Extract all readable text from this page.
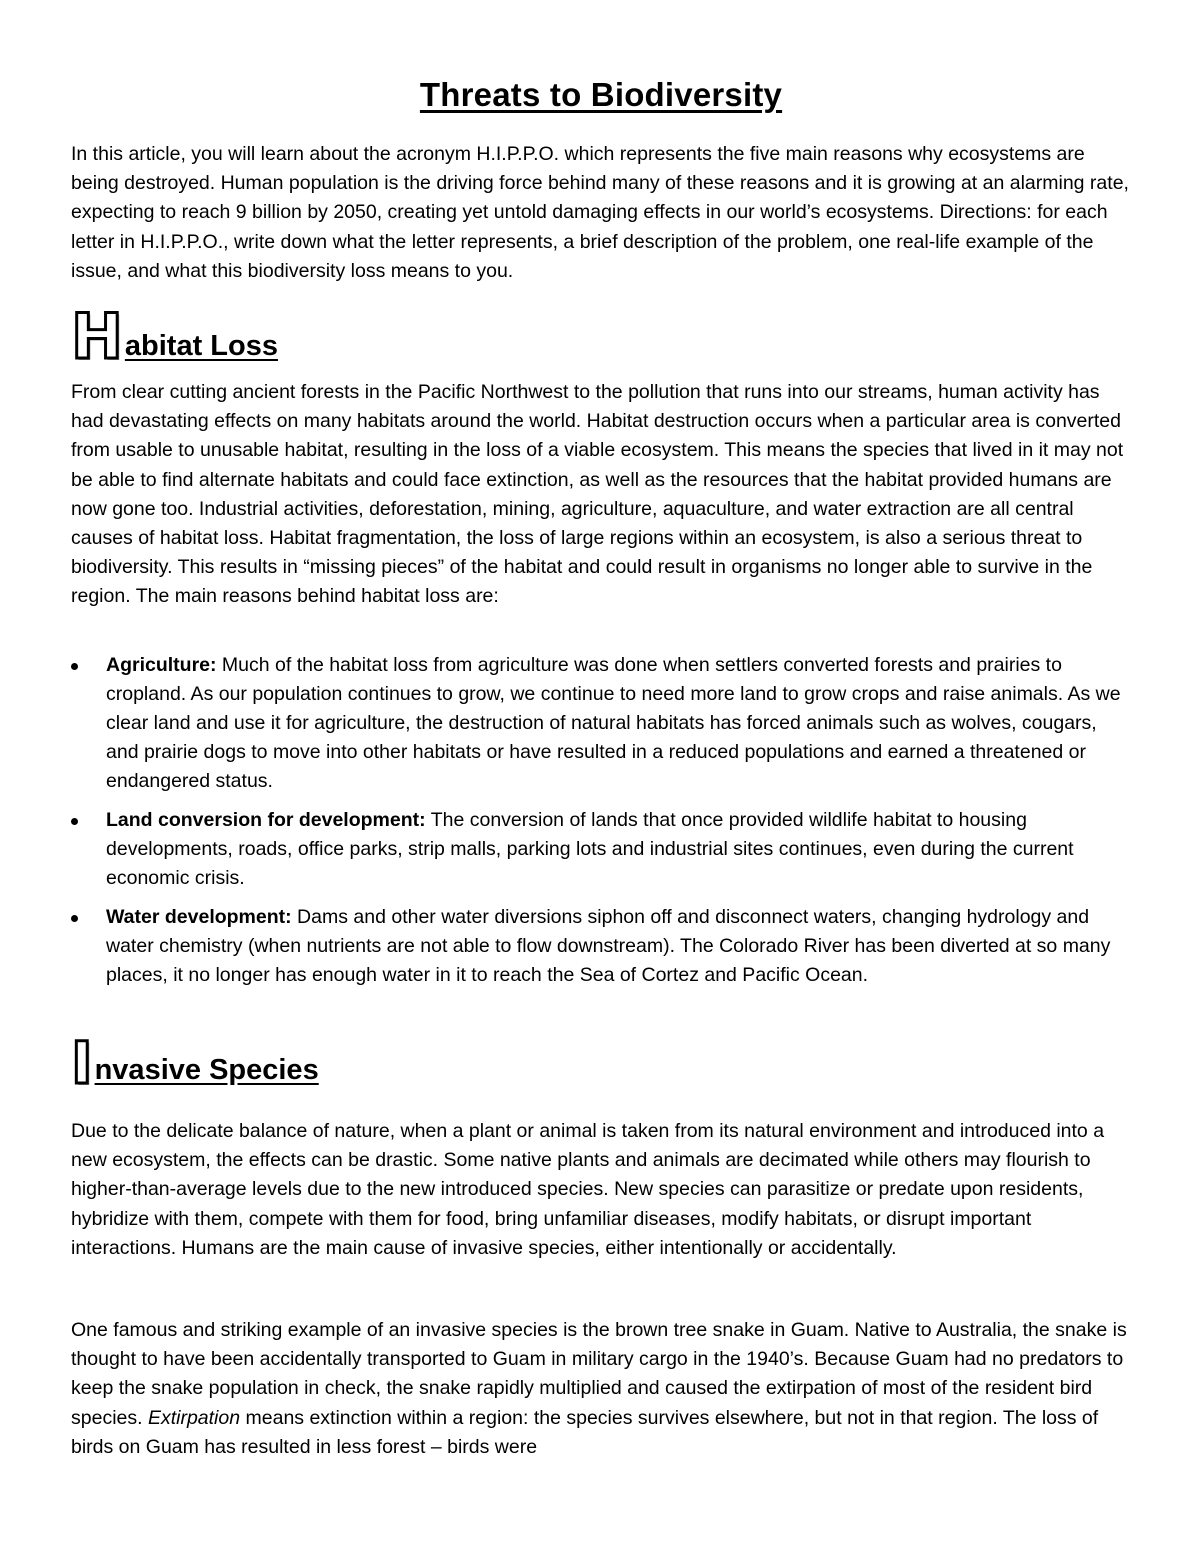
Threats to Biodiversity

In this article, you will learn about the acronym H.I.P.P.O. which represents the five main reasons why ecosystems are being destroyed. Human population is the driving force behind many of these reasons and it is growing at an alarming rate, expecting to reach 9 billion by 2050, creating yet untold damaging effects in our world’s ecosystems. Directions: for each letter in H.I.P.P.O., write down what the letter represents, a brief description of the problem, one real-life example of the issue, and what this biodiversity loss means to you.

H abitat Loss

From clear cutting ancient forests in the Pacific Northwest to the pollution that runs into our streams, human activity has had devastating effects on many habitats around the world. Habitat destruction occurs when a particular area is converted from usable to unusable habitat, resulting in the loss of a viable ecosystem. This means the species that lived in it may not be able to find alternate habitats and could face extinction, as well as the resources that the habitat provided humans are now gone too. Industrial activities, deforestation, mining, agriculture, aquaculture, and water extraction are all central causes of habitat loss. Habitat fragmentation, the loss of large regions within an ecosystem, is also a serious threat to biodiversity. This results in “missing pieces” of the habitat and could result in organisms no longer able to survive in the region. The main reasons behind habitat loss are:

Agriculture: Much of the habitat loss from agriculture was done when settlers converted forests and prairies to cropland. As our population continues to grow, we continue to need more land to grow crops and raise animals. As we clear land and use it for agriculture, the destruction of natural habitats has forced animals such as wolves, cougars, and prairie dogs to move into other habitats or have resulted in a reduced populations and earned a threatened or endangered status.
Land conversion for development: The conversion of lands that once provided wildlife habitat to housing developments, roads, office parks, strip malls, parking lots and industrial sites continues, even during the current economic crisis.
Water development: Dams and other water diversions siphon off and disconnect waters, changing hydrology and water chemistry (when nutrients are not able to flow downstream). The Colorado River has been diverted at so many places, it no longer has enough water in it to reach the Sea of Cortez and Pacific Ocean.
I nvasive Species

Due to the delicate balance of nature, when a plant or animal is taken from its natural environment and introduced into a new ecosystem, the effects can be drastic. Some native plants and animals are decimated while others may flourish to higher-than-average levels due to the new introduced species. New species can parasitize or predate upon residents, hybridize with them, compete with them for food, bring unfamiliar diseases, modify habitats, or disrupt important interactions. Humans are the main cause of invasive species, either intentionally or accidentally.

One famous and striking example of an invasive species is the brown tree snake in Guam. Native to Australia, the snake is thought to have been accidentally transported to Guam in military cargo in the 1940’s. Because Guam had no predators to keep the snake population in check, the snake rapidly multiplied and caused the extirpation of most of the resident bird species. Extirpation means extinction within a region: the species survives elsewhere, but not in that region. The loss of birds on Guam has resulted in less forest – birds were
